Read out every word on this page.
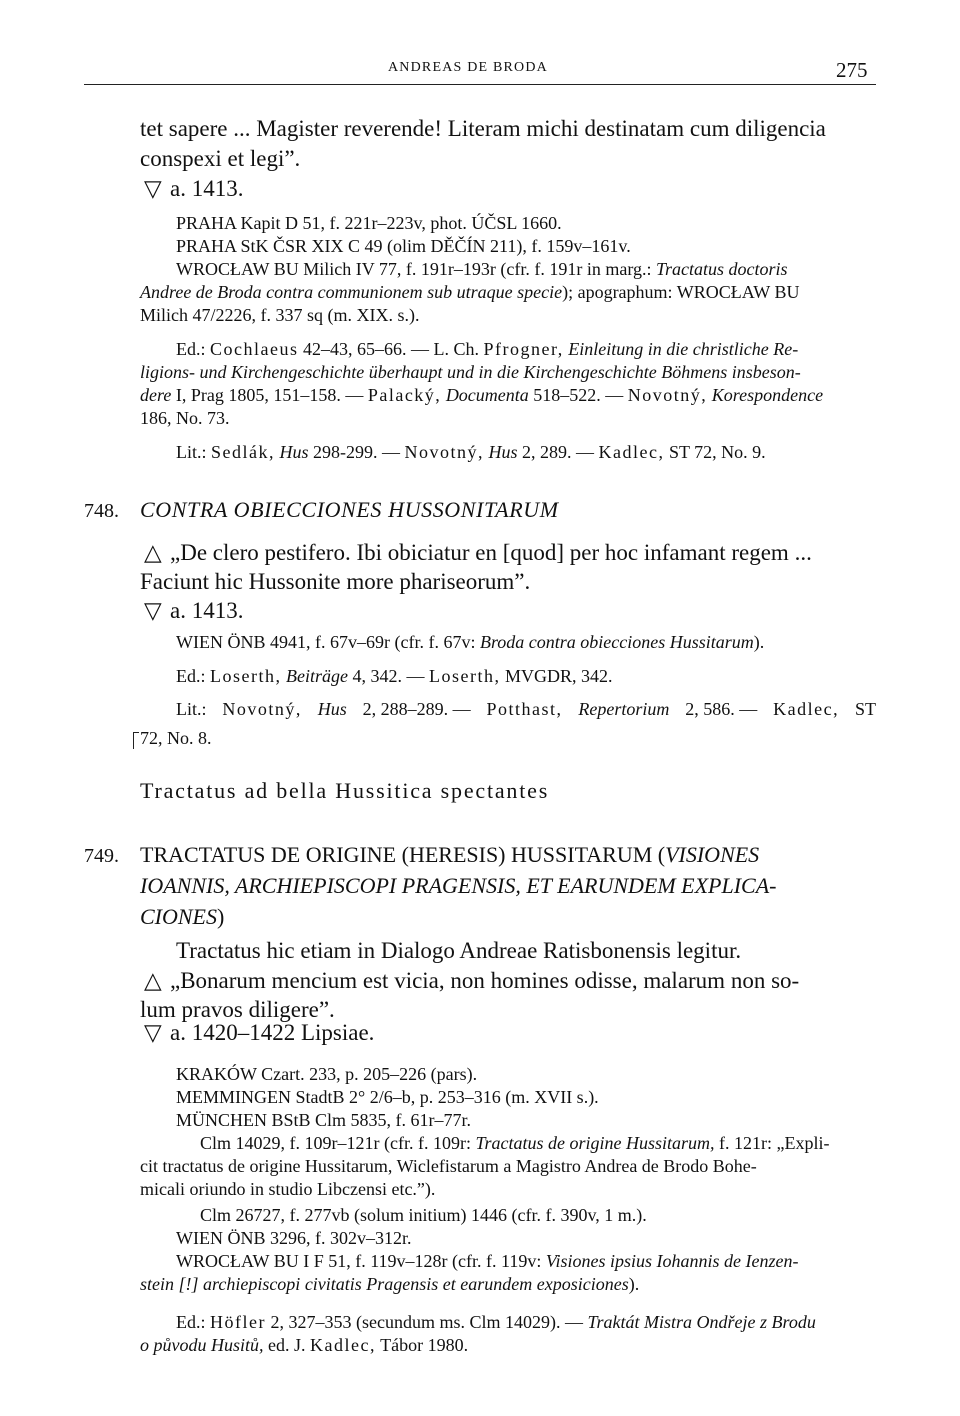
ANDREAS DE BRODA	275
tet sapere ... Magister reverende! Literam michi destinatam cum diligencia
conspexi et legi”.
▽ a. 1413.
PRAHA Kapit D 51, f. 221r–223v, phot. ÚČSL 1660.
PRAHA StK ČSR XIX C 49 (olim DĚČÍN 211), f. 159v–161v.
WROCŁAW BU Milich IV 77, f. 191r–193r (cfr. f. 191r in marg.: Tractatus doctoris
Andree de Broda contra communionem sub utraque specie); apographum: WROCŁAW BU
Milich 47/2226, f. 337 sq (m. XIX. s.).
Ed.: Cochlaeus 42–43, 65–66. — L. Ch. Pfrogner, Einleitung in die christliche Re-
ligions- und Kirchengeschichte überhaupt und in die Kirchengeschichte Böhmens insbeson-
dere I, Prag 1805, 151–158. — Palacký, Documenta 518–522. — Novotný, Korespondence
186, No. 73.
Lit.: Sedlák, Hus 298-299. — Novotný, Hus 2, 289. — Kadlec, ST 72, No. 9.
748. CONTRA OBIECCIONES HUSSONITARUM
△ „De clero pestifero. Ibi obiciatur en [quod] per hoc infamant regem ...
Faciunt hic Hussonite more phariseorum”.
▽ a. 1413.
WIEN ÖNB 4941, f. 67v–69r (cfr. f. 67v: Broda contra obiecciones Hussitarum).
Ed.: Loserth, Beiträge 4, 342. — Loserth, MVGDR, 342.
Lit.: Novotný, Hus 2, 288–289. — Potthast, Repertorium 2, 586. — Kadlec, ST
72, No. 8.
Tractatus ad bella Hussitica spectantes
749. TRACTATUS DE ORIGINE (HERESIS) HUSSITARUM (VISIONES
IOANNIS, ARCHIEPISCOPI PRAGENSIS, ET EARUNDEM EXPLICA-
CIONES)
Tractatus hic etiam in Dialogo Andreae Ratisbonensis legitur.
△ „Bonarum mencium est vicia, non homines odisse, malarum non so-
lum pravos diligere”.
▽ a. 1420–1422 Lipsiae.
KRAKÓW Czart. 233, p. 205–226 (pars).
MEMMINGEN StadtB 2° 2/6–b, p. 253–316 (m. XVII s.).
MÜNCHEN BStB Clm 5835, f. 61r–77r.
Clm 14029, f. 109r–121r (cfr. f. 109r: Tractatus de origine Hussitarum, f. 121r: „Expli-
cit tractatus de origine Hussitarum, Wiclefistarum a Magistro Andrea de Brodo Bohe-
micali oriundo in studio Libczensi etc.”).
Clm 26727, f. 277vb (solum initium) 1446 (cfr. f. 390v, 1 m.).
WIEN ÖNB 3296, f. 302v–312r.
WROCŁAW BU I F 51, f. 119v–128r (cfr. f. 119v: Visiones ipsius Iohannis de Ienzen-
stein [!] archiepiscopi civitatis Pragensis et earundem exposiciones).
Ed.: Höfler 2, 327–353 (secundum ms. Clm 14029). — Traktát Mistra Ondřeje z Brodu
o původu Husitů, ed. J. Kadlec, Tábor 1980.
